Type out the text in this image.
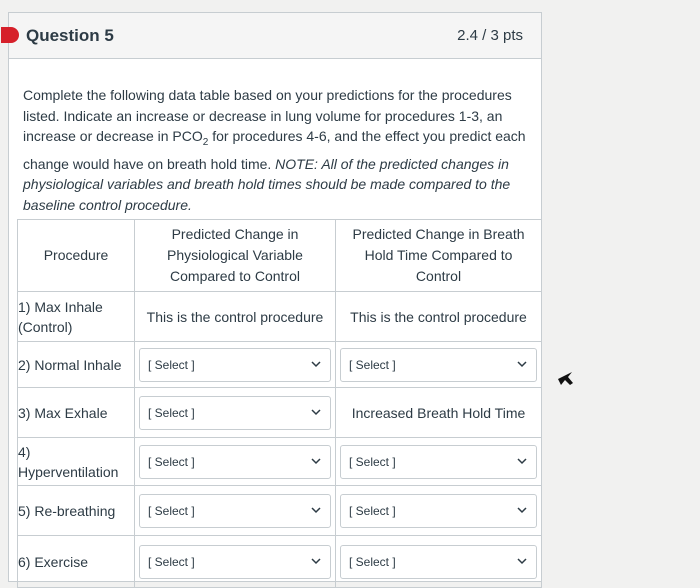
Question 5	2.4 / 3 pts
Complete the following data table based on your predictions for the procedures listed. Indicate an increase or decrease in lung volume for procedures 1-3, an increase or decrease in $PCO_2$ for procedures 4-6, and the effect you predict each change would have on breath hold time. NOTE: All of the predicted changes in physiological variables and breath hold times should be made compared to the baseline control procedure.
Procedure	Predicted Change in Physiological Variable Compared to Control	Predicted Change in Breath Hold Time Compared to Control

1) Max Inhale (Control)	This is the control procedure	This is the control procedure
2) Normal Inhale	[ Select ]	[ Select ]

3) Max Exhale	[ Select ]	Increased Breath Hold Time
4) Hyperventilation	[ Select ]	[ Select ]

5) Re-breathing	[ Select ]	[ Select ]

6) Exercise	[ Select ]	[ Select ]
